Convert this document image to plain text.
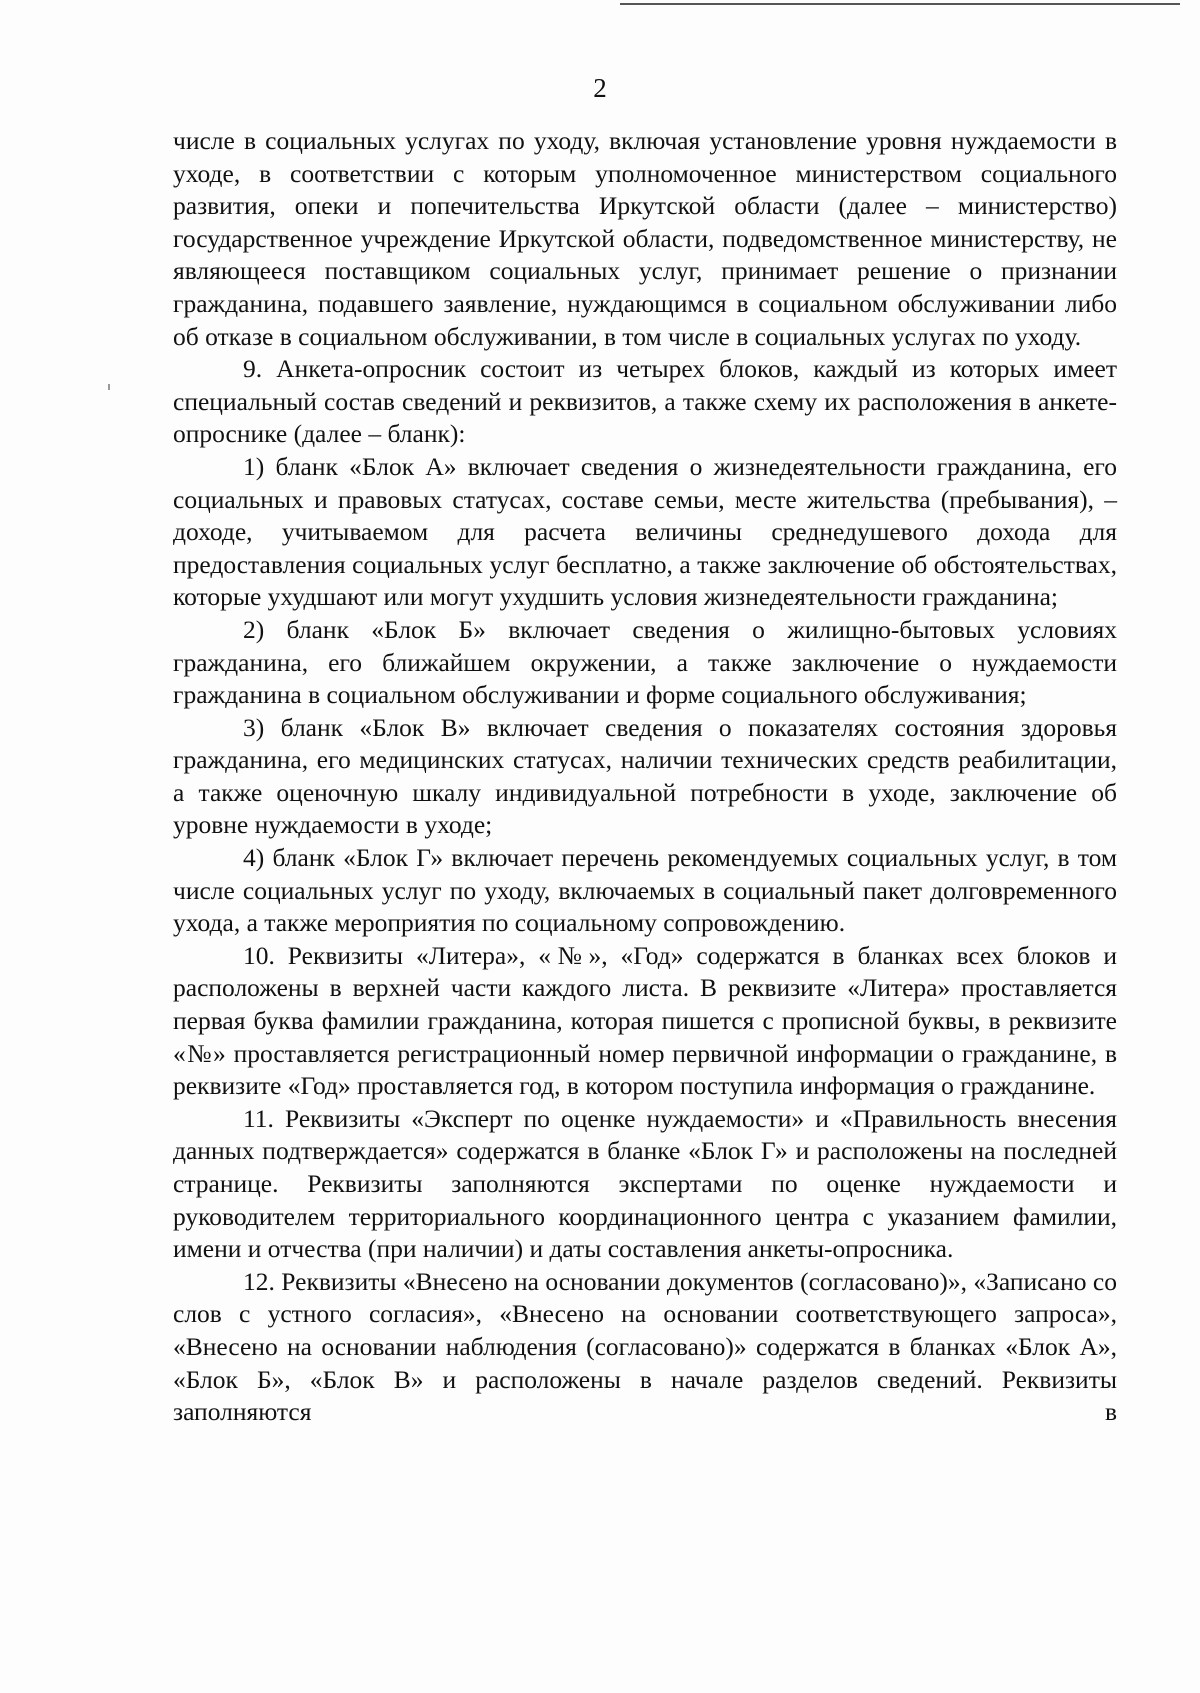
2

числе в социальных услугах по уходу, включая установление уровня нуждаемости в уходе, в соответствии с которым уполномоченное министерством социального развития, опеки и попечительства Иркутской области (далее – министерство) государственное учреждение Иркутской области, подведомственное министерству, не являющееся поставщиком социальных услуг, принимает решение о признании гражданина, подавшего заявление, нуждающимся в социальном обслуживании либо об отказе в социальном обслуживании, в том числе в социальных услугах по уходу.

9. Анкета-опросник состоит из четырех блоков, каждый из которых имеет специальный состав сведений и реквизитов, а также схему их расположения в анкете-опроснике (далее – бланк):

1) бланк «Блок А» включает сведения о жизнедеятельности гражданина, его социальных и правовых статусах, составе семьи, месте жительства (пребывания), – доходе, учитываемом для расчета величины среднедушевого дохода для предоставления социальных услуг бесплатно, а также заключение об обстоятельствах, которые ухудшают или могут ухудшить условия жизнедеятельности гражданина;

2) бланк «Блок Б» включает сведения о жилищно-бытовых условиях гражданина, его ближайшем окружении, а также заключение о нуждаемости гражданина в социальном обслуживании и форме социального обслуживания;

3) бланк «Блок В» включает сведения о показателях состояния здоровья гражданина, его медицинских статусах, наличии технических средств реабилитации, а также оценочную шкалу индивидуальной потребности в уходе, заключение об уровне нуждаемости в уходе;

4) бланк «Блок Г» включает перечень рекомендуемых социальных услуг, в том числе социальных услуг по уходу, включаемых в социальный пакет долговременного ухода, а также мероприятия по социальному сопровождению.

10. Реквизиты «Литера», «№», «Год» содержатся в бланках всех блоков и расположены в верхней части каждого листа. В реквизите «Литера» проставляется первая буква фамилии гражданина, которая пишется с прописной буквы, в реквизите «№» проставляется регистрационный номер первичной информации о гражданине, в реквизите «Год» проставляется год, в котором поступила информация о гражданине.

11. Реквизиты «Эксперт по оценке нуждаемости» и «Правильность внесения данных подтверждается» содержатся в бланке «Блок Г» и расположены на последней странице. Реквизиты заполняются экспертами по оценке нуждаемости и руководителем территориального координационного центра с указанием фамилии, имени и отчества (при наличии) и даты составления анкеты-опросника.

12. Реквизиты «Внесено на основании документов (согласовано)», «Записано со слов с устного согласия», «Внесено на основании соответствующего запроса», «Внесено на основании наблюдения (согласовано)» содержатся в бланках «Блок А», «Блок Б», «Блок В» и расположены в начале разделов сведений. Реквизиты заполняются в
